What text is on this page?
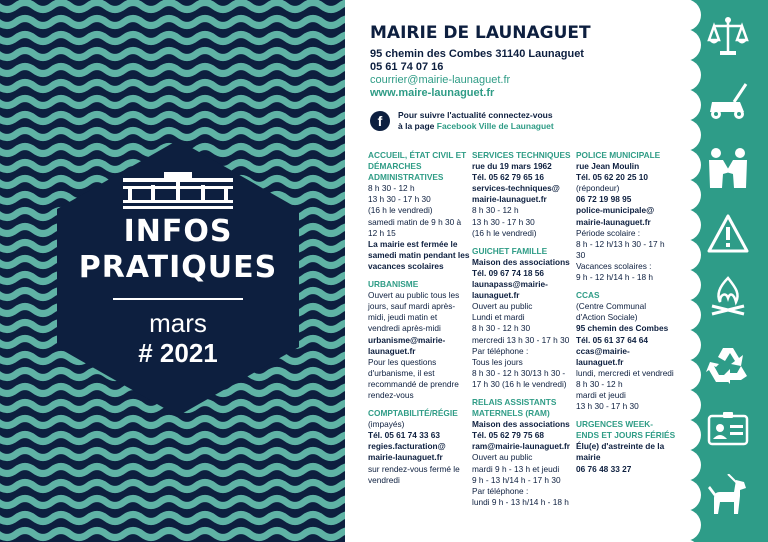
INFOS
PRATIQUES
mars
# 2021
MAIRIE DE LAUNAGUET
95 chemin des Combes 31140 Launaguet
05 61 74 07 16
courrier@mairie-launaguet.fr
www.maire-launaguet.fr
f	Pour suivre l'actualité connectez-vous
à la page Facebook Ville de Launaguet
ACCUEIL, ÉTAT CIVIL ET DÉMARCHES ADMINISTRATIVES
8 h 30 - 12 h
13 h 30 - 17 h 30
(16 h le vendredi)
samedi matin de 9 h 30 à
12 h 15
La mairie est fermée le samedi matin pendant les vacances scolaires
URBANISME
Ouvert au public tous les jours, sauf mardi après-midi, jeudi matin et vendredi après-midi
urbanisme@mairie-launaguet.fr
Pour les questions d'urbanisme, il est recommandé de prendre rendez-vous
COMPTABILITÉ/RÉGIE
(impayés)
Tél. 05 61 74 33 63
regies.facturation@ mairie-launaguet.fr
sur rendez-vous fermé le vendredi
SERVICES TECHNIQUES
rue du 19 mars 1962
Tél. 05 62 79 65 16
services-techniques@ mairie-launaguet.fr
8 h 30 - 12 h
13 h 30 - 17 h 30
(16 h le vendredi)
GUICHET FAMILLE
Maison des associations
Tél. 09 67 74 18 56
launapass@mairie-launaguet.fr
Ouvert au public
Lundi et mardi
8 h 30 - 12 h 30
mercredi 13 h 30 - 17 h 30
Par téléphone :
Tous les jours
8 h 30 - 12 h 30/13 h 30 -
17 h 30 (16 h le vendredi)
RELAIS ASSISTANTS MATERNELS (RAM)
Maison des associations
Tél. 05 62 79 75 68
ram@mairie-launaguet.fr
Ouvert au public
mardi 9 h - 13 h et jeudi
9 h - 13 h/14 h - 17 h 30
Par téléphone :
lundi 9 h - 13 h/14 h - 18 h
POLICE MUNICIPALE
rue Jean Moulin
Tél. 05 62 20 25 10
(répondeur)
06 72 19 98 95
police-municipale@ mairie-launaguet.fr
Période scolaire :
8 h - 12 h/13 h 30 - 17 h 30
Vacances scolaires :
9 h - 12 h/14 h - 18 h
CCAS
(Centre Communal d'Action Sociale)
95 chemin des Combes
Tél. 05 61 37 64 64
ccas@mairie-launaguet.fr
lundi, mercredi et vendredi
8 h 30 - 12 h
mardi et jeudi
13 h 30 - 17 h 30
URGENCES WEEK-ENDS ET JOURS FÉRIÉS
Élu(e) d'astreinte de la mairie
06 76 48 33 27
